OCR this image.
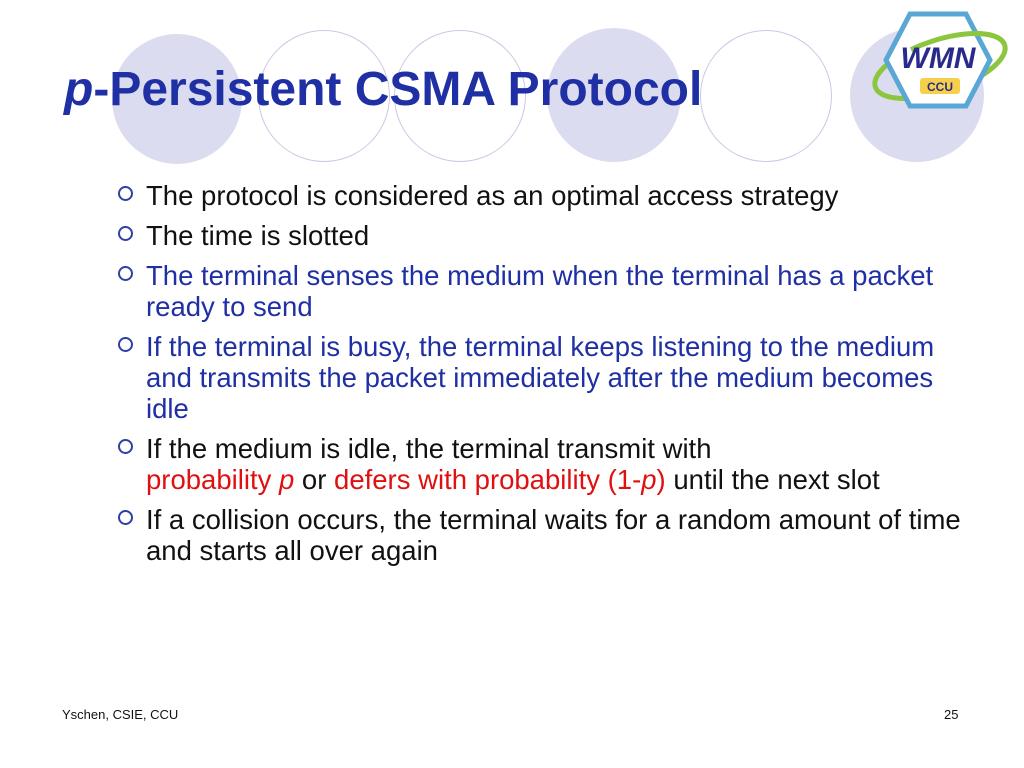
WMN
CCU
p-Persistent CSMA Protocol
The protocol is considered as an optimal access strategy
The time is slotted
The terminal senses the medium when the terminal has a packet ready to send
If the terminal is busy, the terminal keeps listening to the medium and transmits the packet immediately after the medium becomes idle
If the medium is idle, the terminal transmit with
probability p or defers with probability (1-p) until the next slot
If a collision occurs, the terminal waits for a random amount of time and starts all over again
Yschen, CSIE, CCU	25
